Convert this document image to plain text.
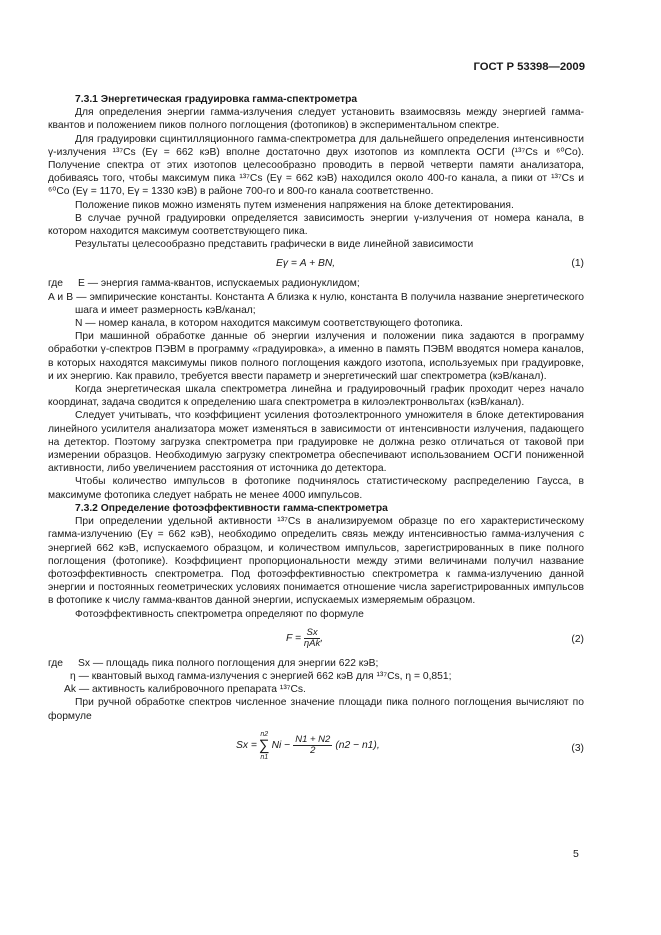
ГОСТ Р 53398—2009
7.3.1 Энергетическая градуировка гамма-спектрометра

Для определения энергии гамма-излучения следует установить взаимосвязь между энергией гамма-квантов и положением пиков полного поглощения (фотопиков) в экспериментальном спектре.

Для градуировки сцинтилляционного гамма-спектрометра для дальнейшего определения интенсивности γ-излучения ¹³⁷Cs (Eγ = 662 кэВ) вполне достаточно двух изотопов из комплекта ОСГИ (¹³⁷Cs и ⁶⁰Co). Получение спектра от этих изотопов целесообразно проводить в первой четверти памяти анализатора, добиваясь того, чтобы максимум пика ¹³⁷Cs (Eγ = 662 кэВ) находился около 400-го канала, а пики от ¹³⁷Cs и ⁶⁰Co (Eγ = 1170, Eγ = 1330 кэВ) в районе 700-го и 800-го канала соответственно.

Положение пиков можно изменять путем изменения напряжения на блоке детектирования.

В случае ручной градуировки определяется зависимость энергии γ-излучения от номера канала, в котором находится максимум соответствующего пика.

Результаты целесообразно представить графически в виде линейной зависимости

Eγ = A + BN,	(1)
где	E — энергия гамма-квантов, испускаемых радионуклидом;
A и B — эмпирические константы. Константа A близка к нулю, константа B получила название энергетического шага и имеет размерность кэВ/канал;
N — номер канала, в котором находится максимум соответствующего фотопика.

При машинной обработке данные об энергии излучения и положении пика задаются в программу обработки γ-спектров ПЭВМ в программу «градуировка», а именно в память ПЭВМ вводятся номера каналов, в которых находятся максимумы пиков полного поглощения каждого изотопа, используемых при градуировке, и их энергию. Как правило, требуется ввести параметр и энергетический шаг спектрометра (кэВ/канал).

Когда энергетическая шкала спектрометра линейна и градуировочный график проходит через начало координат, задача сводится к определению шага спектрометра в килоэлектронвольтах (кэВ/канал).

Следует учитывать, что коэффициент усиления фотоэлектронного умножителя в блоке детектирования линейного усилителя анализатора может изменяться в зависимости от интенсивности излучения, падающего на детектор. Поэтому загрузка спектрометра при градуировке не должна резко отличаться от таковой при измерении образцов. Необходимую загрузку спектрометра обеспечивают использованием ОСГИ пониженной активности, либо увеличением расстояния от источника до детектора.

Чтобы количество импульсов в фотопике подчинялось статистическому распределению Гаусса, в максимуме фотопика следует набрать не менее 4000 импульсов.

7.3.2 Определение фотоэффективности гамма-спектрометра

При определении удельной активности ¹³⁷Cs в анализируемом образце по его характеристическому гамма-излучению (Eγ = 662 кэВ), необходимо определить связь между интенсивностью гамма-излучения с энергией 662 кэВ, испускаемого образцом, и количеством импульсов, зарегистрированных в пике полного поглощения (фотопике). Коэффициент пропорциональности между этими величинами получил название фотоэффективность спектрометра. Под фотоэффективностью спектрометра к гамма-излучению данной энергии и постоянных геометрических условиях понимается отношение числа зарегистрированных импульсов в фотопике к числу гамма-квантов данной энергии, испускаемых измеряемым образцом.

Фотоэффективность спектрометра определяют по формуле

$F = \frac{Sx}{\text{ηAk}}$ ,	(2)
где	Sx — площадь пика полного поглощения для энергии 622 кэВ;
η — квантовый выход гамма-излучения с энергией 662 кэВ для ¹³⁷Cs, η = 0,851;
Ak — активность калибровочного препарата ¹³⁷Cs.

При ручной обработке спектров численное значение площади пика полного поглощения вычисляют по формуле

Sx =
n2
∑
n1
$Ni - \frac{N1 + N2}{2} (n2 - n1)$,	(3)
5
